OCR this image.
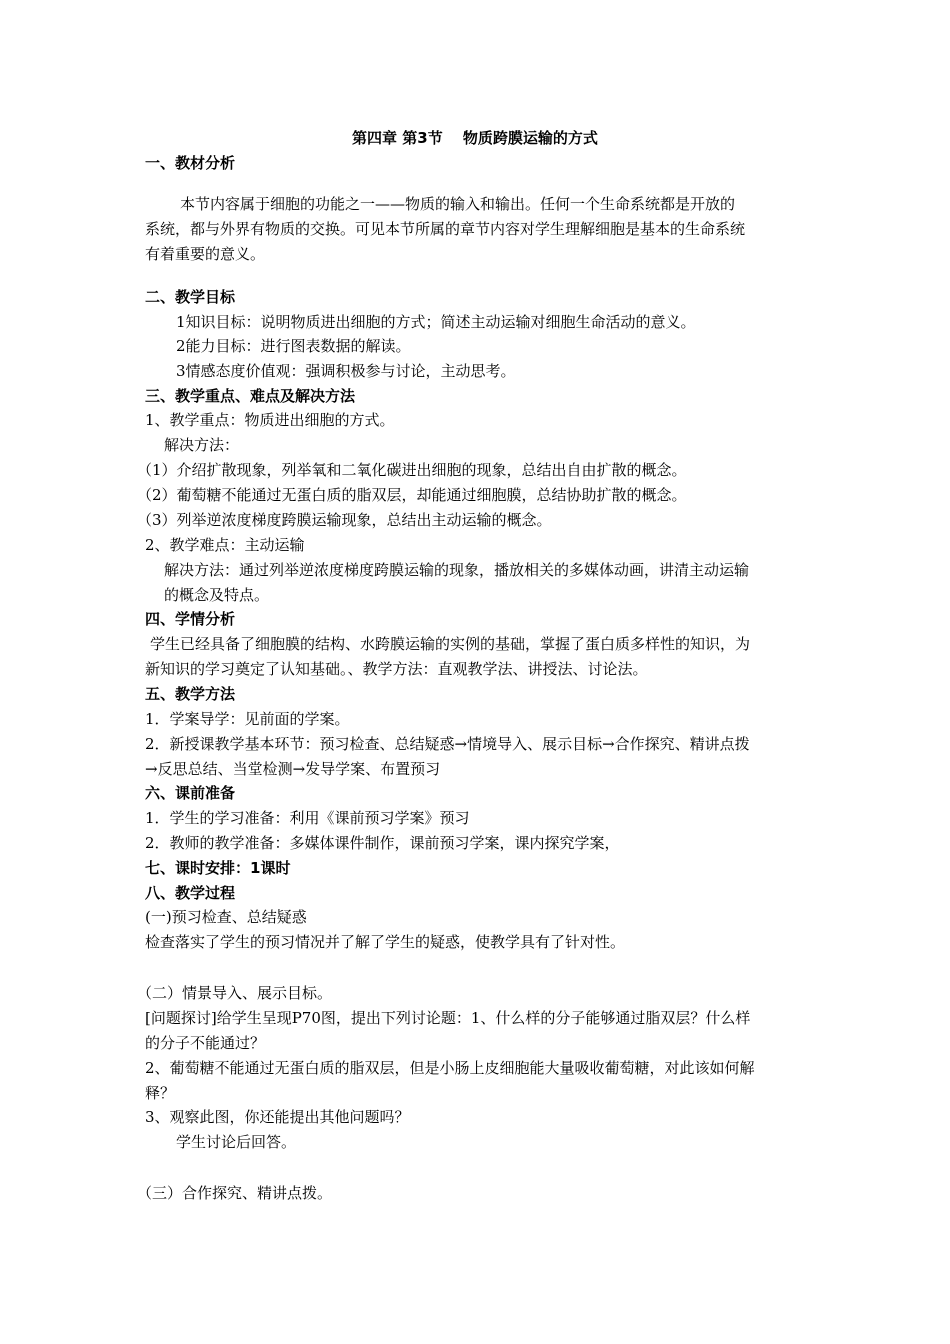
第四章 第3节　 物质跨膜运输的方式
一、教材分析
本节内容属于细胞的功能之一——物质的输入和输出。任何一个生命系统都是开放的
系统，都与外界有物质的交换。可见本节所属的章节内容对学生理解细胞是基本的生命系统
有着重要的意义。
二、教学目标
1知识目标：说明物质进出细胞的方式；简述主动运输对细胞生命活动的意义。
2能力目标：进行图表数据的解读。
3情感态度价值观：强调积极参与讨论，主动思考。
三、教学重点、难点及解决方法
1、教学重点：物质进出细胞的方式。
解决方法：
（1）介绍扩散现象，列举氧和二氧化碳进出细胞的现象，总结出自由扩散的概念。
（2）葡萄糖不能通过无蛋白质的脂双层，却能通过细胞膜，总结协助扩散的概念。
（3）列举逆浓度梯度跨膜运输现象，总结出主动运输的概念。
2、教学难点：主动运输
解决方法：通过列举逆浓度梯度跨膜运输的现象，播放相关的多媒体动画，讲清主动运输
的概念及特点。
四、学情分析
学生已经具备了细胞膜的结构、水跨膜运输的实例的基础，掌握了蛋白质多样性的知识，为
新知识的学习奠定了认知基础。、教学方法：直观教学法、讲授法、讨论法。
五、教学方法
1．学案导学：见前面的学案。
2．新授课教学基本环节：预习检查、总结疑惑→情境导入、展示目标→合作探究、精讲点拨
→反思总结、当堂检测→发导学案、布置预习
六、课前准备
1．学生的学习准备：利用《课前预习学案》预习
2．教师的教学准备：多媒体课件制作，课前预习学案，课内探究学案，
七、课时安排：1课时
八、教学过程
(一)预习检查、总结疑惑
检查落实了学生的预习情况并了解了学生的疑惑，使教学具有了针对性。
（二）情景导入、展示目标。
[问题探讨]给学生呈现P70图，提出下列讨论题：1、什么样的分子能够通过脂双层？什么样
的分子不能通过？
2、葡萄糖不能通过无蛋白质的脂双层，但是小肠上皮细胞能大量吸收葡萄糖，对此该如何解
释？
3、观察此图，你还能提出其他问题吗？
学生讨论后回答。
（三）合作探究、精讲点拨。
